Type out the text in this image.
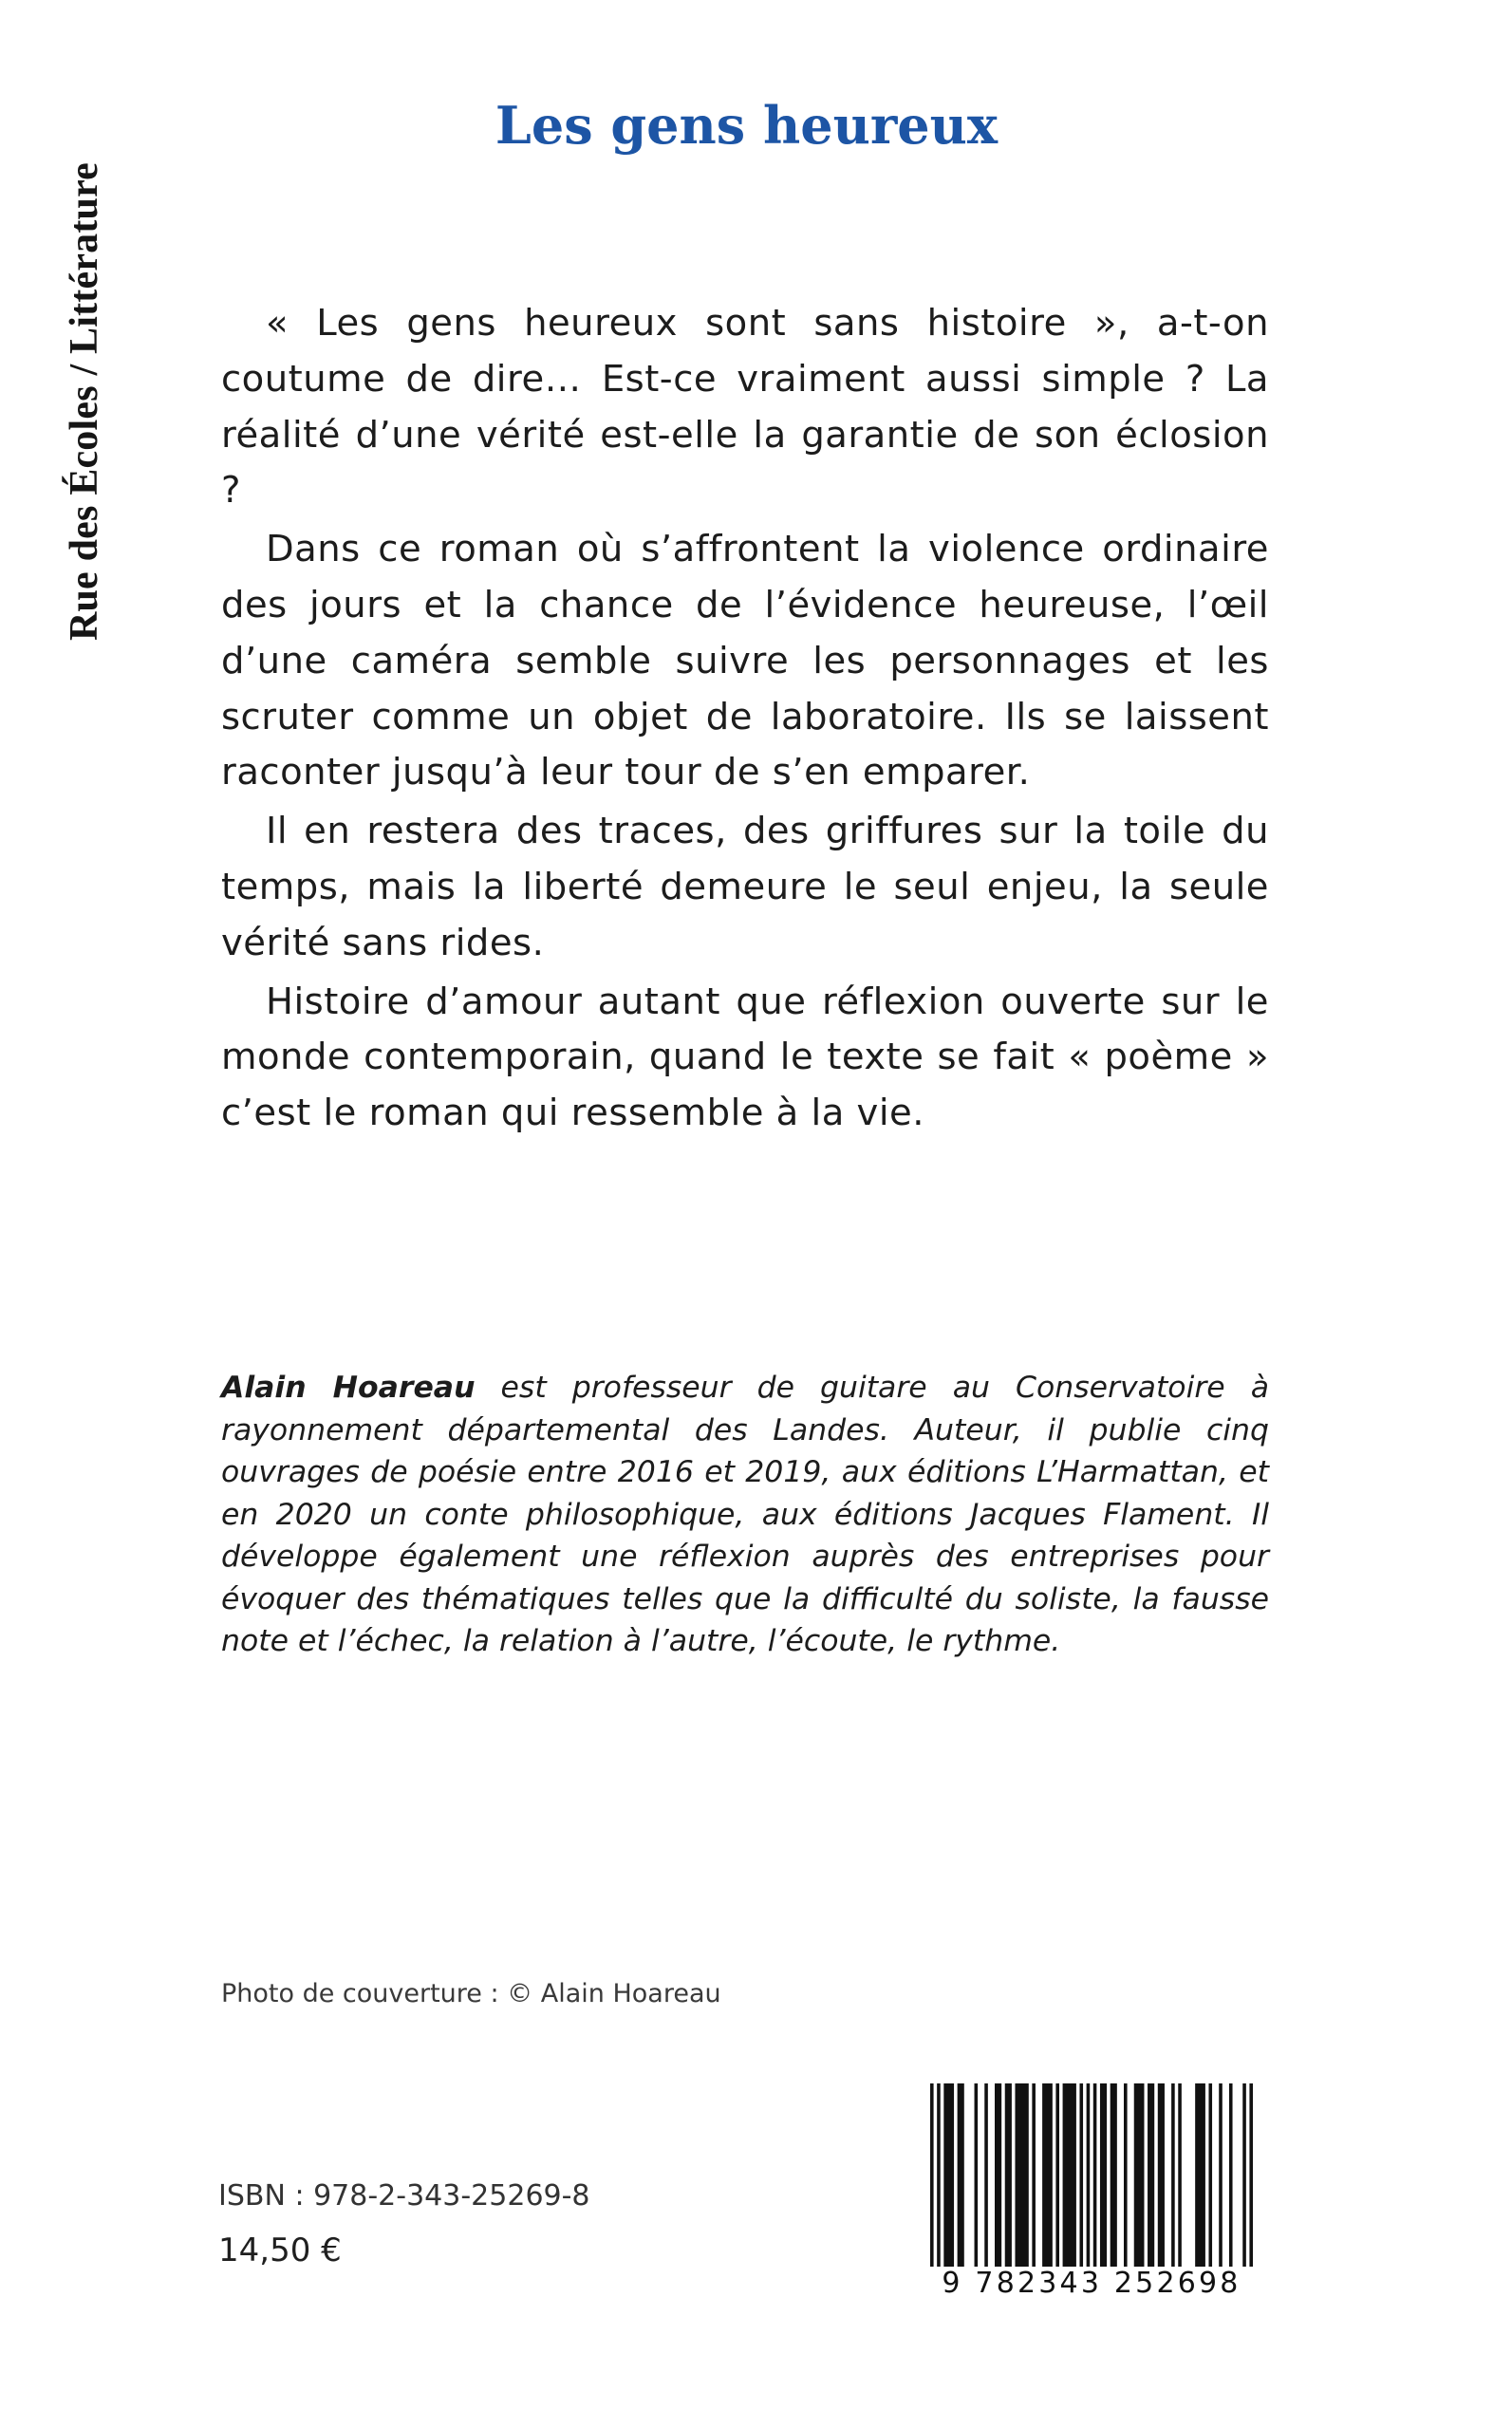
Rue des Écoles / Littérature
Les gens heureux

« Les gens heureux sont sans histoire », a-t-on coutume de dire… Est-ce vraiment aussi simple ? La réalité d’une vérité est-elle la garantie de son éclosion ?

Dans ce roman où s’affrontent la violence ordinaire des jours et la chance de l’évidence heureuse, l’œil d’une caméra semble suivre les personnages et les scruter comme un objet de laboratoire. Ils se laissent raconter jusqu’à leur tour de s’en emparer.

Il en restera des traces, des griffures sur la toile du temps, mais la liberté demeure le seul enjeu, la seule vérité sans rides.

Histoire d’amour autant que réflexion ouverte sur le monde contemporain, quand le texte se fait « poème » c’est le roman qui ressemble à la vie.

Alain Hoareau est professeur de guitare au Conservatoire à rayonnement départemental des Landes. Auteur, il publie cinq ouvrages de poésie entre 2016 et 2019, aux éditions L’Harmattan, et en 2020 un conte philosophique, aux éditions Jacques Flament. Il développe également une réflexion auprès des entreprises pour évoquer des thématiques telles que la difficulté du soliste, la fausse note et l’échec, la relation à l’autre, l’écoute, le rythme.

Photo de couverture : © Alain Hoareau

ISBN : 978-2-343-25269-8

14,50 €

9 782343 252698
